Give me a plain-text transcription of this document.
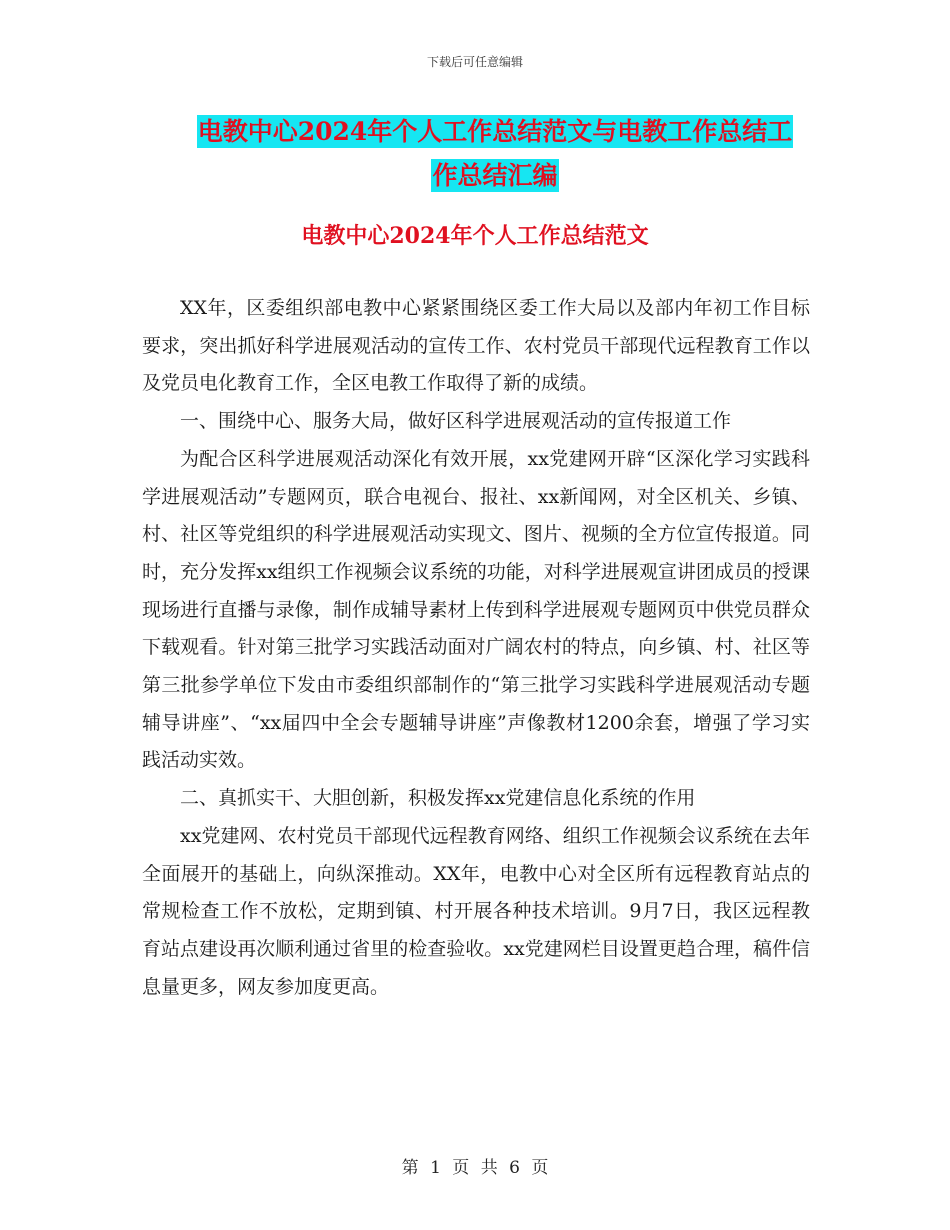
下载后可任意编辑
电教中心2024年个人工作总结范文与电教工作总结工
作总结汇编
电教中心2024年个人工作总结范文

XX年，区委组织部电教中心紧紧围绕区委工作大局以及部内年初工作目标要求，突出抓好科学进展观活动的宣传工作、农村党员干部现代远程教育工作以及党员电化教育工作，全区电教工作取得了新的成绩。

一、围绕中心、服务大局，做好区科学进展观活动的宣传报道工作

为配合区科学进展观活动深化有效开展，xx党建网开辟“区深化学习实践科学进展观活动”专题网页，联合电视台、报社、xx新闻网，对全区机关、乡镇、村、社区等党组织的科学进展观活动实现文、图片、视频的全方位宣传报道。同时，充分发挥xx组织工作视频会议系统的功能，对科学进展观宣讲团成员的授课现场进行直播与录像，制作成辅导素材上传到科学进展观专题网页中供党员群众下载观看。针对第三批学习实践活动面对广阔农村的特点，向乡镇、村、社区等第三批参学单位下发由市委组织部制作的“第三批学习实践科学进展观活动专题辅导讲座”、“xx届四中全会专题辅导讲座”声像教材1200余套，增强了学习实践活动实效。

二、真抓实干、大胆创新，积极发挥xx党建信息化系统的作用

xx党建网、农村党员干部现代远程教育网络、组织工作视频会议系统在去年全面展开的基础上，向纵深推动。XX年，电教中心对全区所有远程教育站点的常规检查工作不放松，定期到镇、村开展各种技术培训。9月7日，我区远程教育站点建设再次顺利通过省里的检查验收。xx党建网栏目设置更趋合理，稿件信息量更多，网友参加度更高。

第 1 页 共 6 页
